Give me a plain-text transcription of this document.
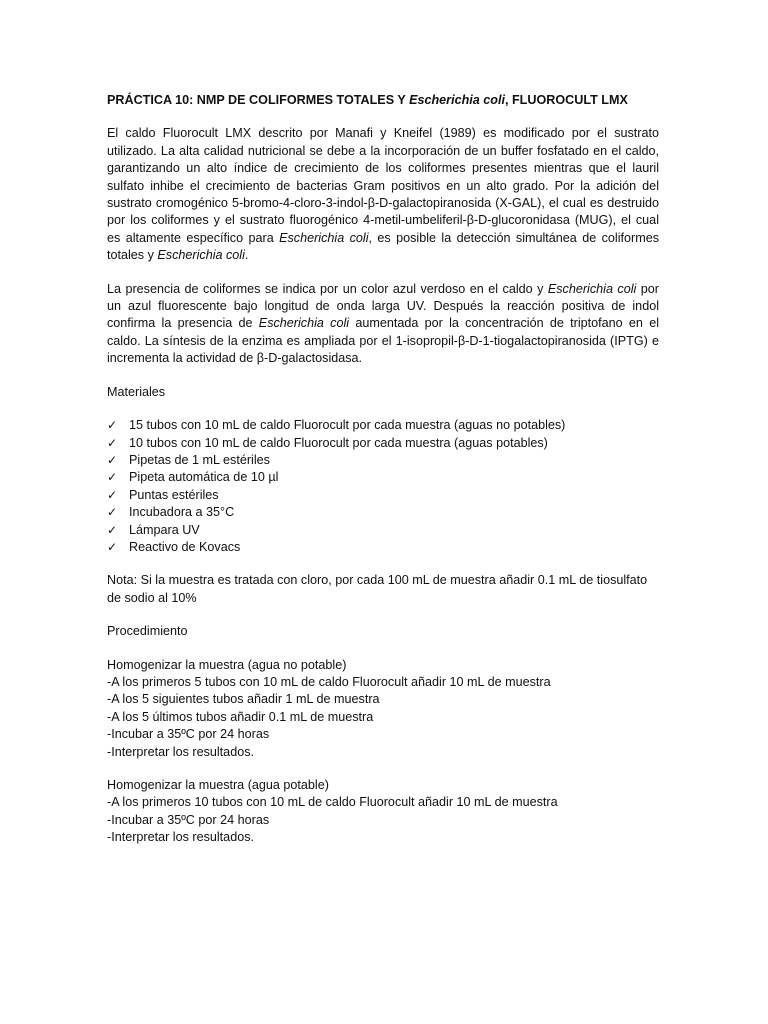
PRÁCTICA 10: NMP DE COLIFORMES TOTALES Y Escherichia coli, FLUOROCULT LMX

El caldo Fluorocult LMX descrito por Manafi y Kneifel (1989) es modificado por el sustrato utilizado. La alta calidad nutricional se debe a la incorporación de un buffer fosfatado en el caldo, garantizando un alto índice de crecimiento de los coliformes presentes mientras que el lauril sulfato inhibe el crecimiento de bacterias Gram positivos en un alto grado. Por la adición del sustrato cromogénico 5-bromo-4-cloro-3-indol-β-D-galactopiranosida (X-GAL), el cual es destruido por los coliformes y el sustrato fluorogénico 4-metil-umbeliferil-β-D-glucoronidasa (MUG), el cual es altamente específico para Escherichia coli, es posible la detección simultánea de coliformes totales y Escherichia coli.

La presencia de coliformes se indica por un color azul verdoso en el caldo y Escherichia coli por un azul fluorescente bajo longitud de onda larga UV. Después la reacción positiva de indol confirma la presencia de Escherichia coli aumentada por la concentración de triptofano en el caldo. La síntesis de la enzima es ampliada por el 1-isopropil-β-D-1-tiogalactopiranosida (IPTG) e incrementa la actividad de β-D-galactosidasa.

Materiales
✓ 15 tubos con 10 mL de caldo Fluorocult por cada muestra (aguas no potables)
✓ 10 tubos con 10 mL de caldo Fluorocult por cada muestra (aguas potables)
✓ Pipetas de 1 mL estériles
✓ Pipeta automática de 10 µl
✓ Puntas estériles
✓ Incubadora a 35°C
✓ Lámpara UV
✓ Reactivo de Kovacs
Nota: Si la muestra es tratada con cloro, por cada 100 mL de muestra añadir 0.1 mL de tiosulfato de sodio al 10%
Procedimiento
Homogenizar la muestra (agua no potable)
-A los primeros 5 tubos con 10 mL de caldo Fluorocult añadir 10 mL de muestra
-A los 5 siguientes tubos añadir 1 mL de muestra
-A los 5 últimos tubos añadir 0.1 mL de muestra
-Incubar a 35ºC por 24 horas
-Interpretar los resultados.
Homogenizar la muestra (agua potable)
-A los primeros 10 tubos con 10 mL de caldo Fluorocult añadir 10 mL de muestra
-Incubar a 35ºC por 24 horas
-Interpretar los resultados.
